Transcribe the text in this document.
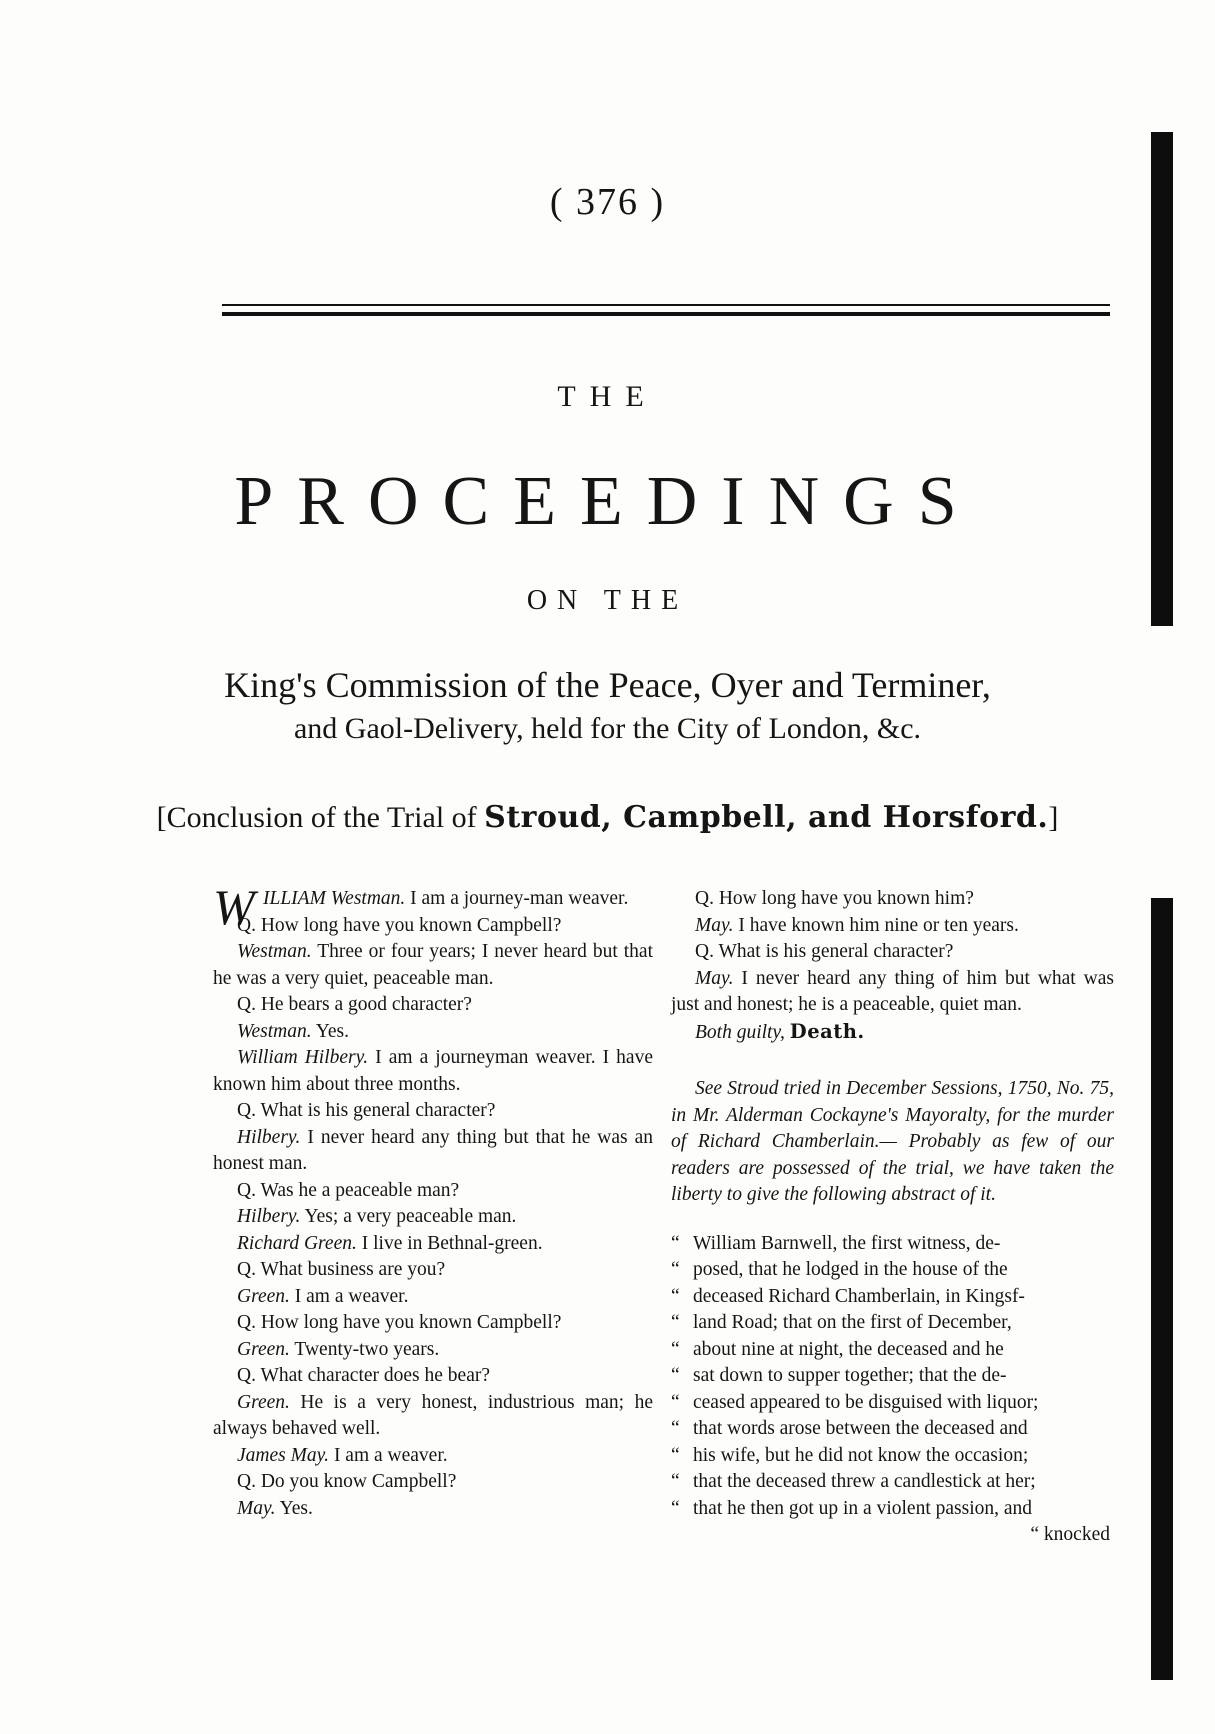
( 376 )
THE
PROCEEDINGS
ON THE
King's Commission of the Peace, Oyer and Terminer,
and Gaol-Delivery, held for the City of London, &c.
[Conclusion of the Trial of Stroud, Campbell, and Horsford.]

W ILLIAM Westman. I am a journey-man weaver.

Q. How long have you known Campbell?

Westman. Three or four years; I never heard but that he was a very quiet, peaceable man.

Q. He bears a good character?

Westman. Yes.

William Hilbery. I am a journeyman weaver. I have known him about three months.

Q. What is his general character?

Hilbery. I never heard any thing but that he was an honest man.

Q. Was he a peaceable man?

Hilbery. Yes; a very peaceable man.

Richard Green. I live in Bethnal-green.

Q. What business are you?

Green. I am a weaver.

Q. How long have you known Campbell?

Green. Twenty-two years.

Q. What character does he bear?

Green. He is a very honest, industrious man; he always behaved well.

James May. I am a weaver.

Q. Do you know Campbell?

May. Yes.

Q. How long have you known him?

May. I have known him nine or ten years.

Q. What is his general character?

May. I never heard any thing of him but what was just and honest; he is a peaceable, quiet man.

Both guilty, Death.

See Stroud tried in December Sessions, 1750, No. 75, in Mr. Alderman Cockayne's Mayoralty, for the murder of Richard Chamberlain.— Probably as few of our readers are possessed of the trial, we have taken the liberty to give the following abstract of it.

“ William Barnwell, the first witness, de-

“ posed, that he lodged in the house of the

“ deceased Richard Chamberlain, in Kingsf-

“ land Road; that on the first of December,

“ about nine at night, the deceased and he

“ sat down to supper together; that the de-

“ ceased appeared to be disguised with liquor;

“ that words arose between the deceased and

“ his wife, but he did not know the occasion;

“ that the deceased threw a candlestick at her;

“ that he then got up in a violent passion, and

“ knocked
